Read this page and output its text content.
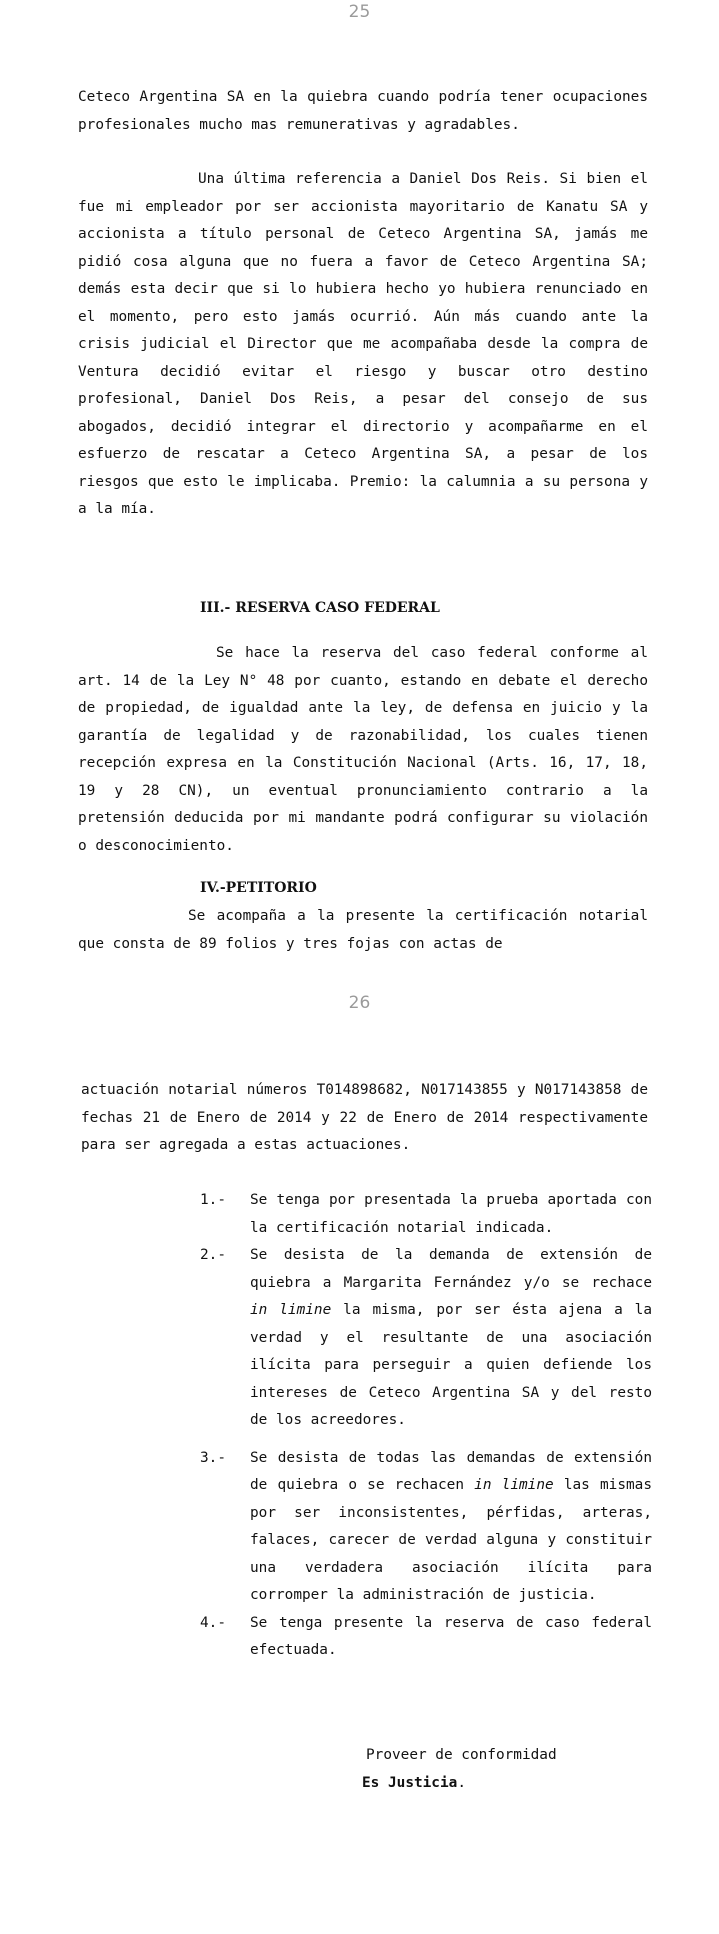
25
Ceteco Argentina SA en la quiebra cuando podría tener ocupaciones profesionales mucho mas remunerativas y agradables.
Una última referencia a Daniel Dos Reis. Si bien el fue mi empleador por ser accionista mayoritario de Kanatu SA y accionista a título personal de Ceteco Argentina SA, jamás me pidió cosa alguna que no fuera a favor de Ceteco Argentina SA; demás esta decir que si lo hubiera hecho yo hubiera renunciado en el momento, pero esto jamás ocurrió. Aún más cuando ante la crisis judicial el Director que me acompañaba desde la compra de Ventura decidió evitar el riesgo y buscar otro destino profesional, Daniel Dos Reis, a pesar del consejo de sus abogados, decidió integrar el directorio y acompañarme en el esfuerzo de rescatar a Ceteco Argentina SA, a pesar de los riesgos que esto le implicaba. Premio: la calumnia a su persona y a la mía.
III.- RESERVA CASO FEDERAL
Se hace la reserva del caso federal conforme al art. 14 de la Ley N° 48 por cuanto, estando en debate el derecho de propiedad, de igualdad ante la ley, de defensa en juicio y la garantía de legalidad y de razonabilidad, los cuales tienen recepción expresa en la Constitución Nacional (Arts. 16, 17, 18, 19 y 28 CN), un eventual pronunciamiento contrario a la pretensión deducida por mi mandante podrá configurar su violación o desconocimiento.
IV.-PETITORIO
Se acompaña a la presente la certificación notarial que consta de 89 folios y tres fojas con actas de
26
actuación notarial números T014898682, N017143855 y N017143858 de fechas 21 de Enero de 2014 y 22 de Enero de 2014 respectivamente para ser agregada a estas actuaciones.
1.- Se tenga por presentada la prueba aportada con la certificación notarial indicada.
2.- Se desista de la demanda de extensión de quiebra a Margarita Fernández y/o se rechace in limine la misma, por ser ésta ajena a la verdad y el resultante de una asociación ilícita para perseguir a quien defiende los intereses de Ceteco Argentina SA y del resto de los acreedores.
3.- Se desista de todas las demandas de extensión de quiebra o se rechacen in limine las mismas por ser inconsistentes, pérfidas, arteras, falaces, carecer de verdad alguna y constituir una verdadera asociación ilícita para corromper la administración de justicia.
4.- Se tenga presente la reserva de caso federal efectuada.
Proveer de conformidad
Es Justicia.
